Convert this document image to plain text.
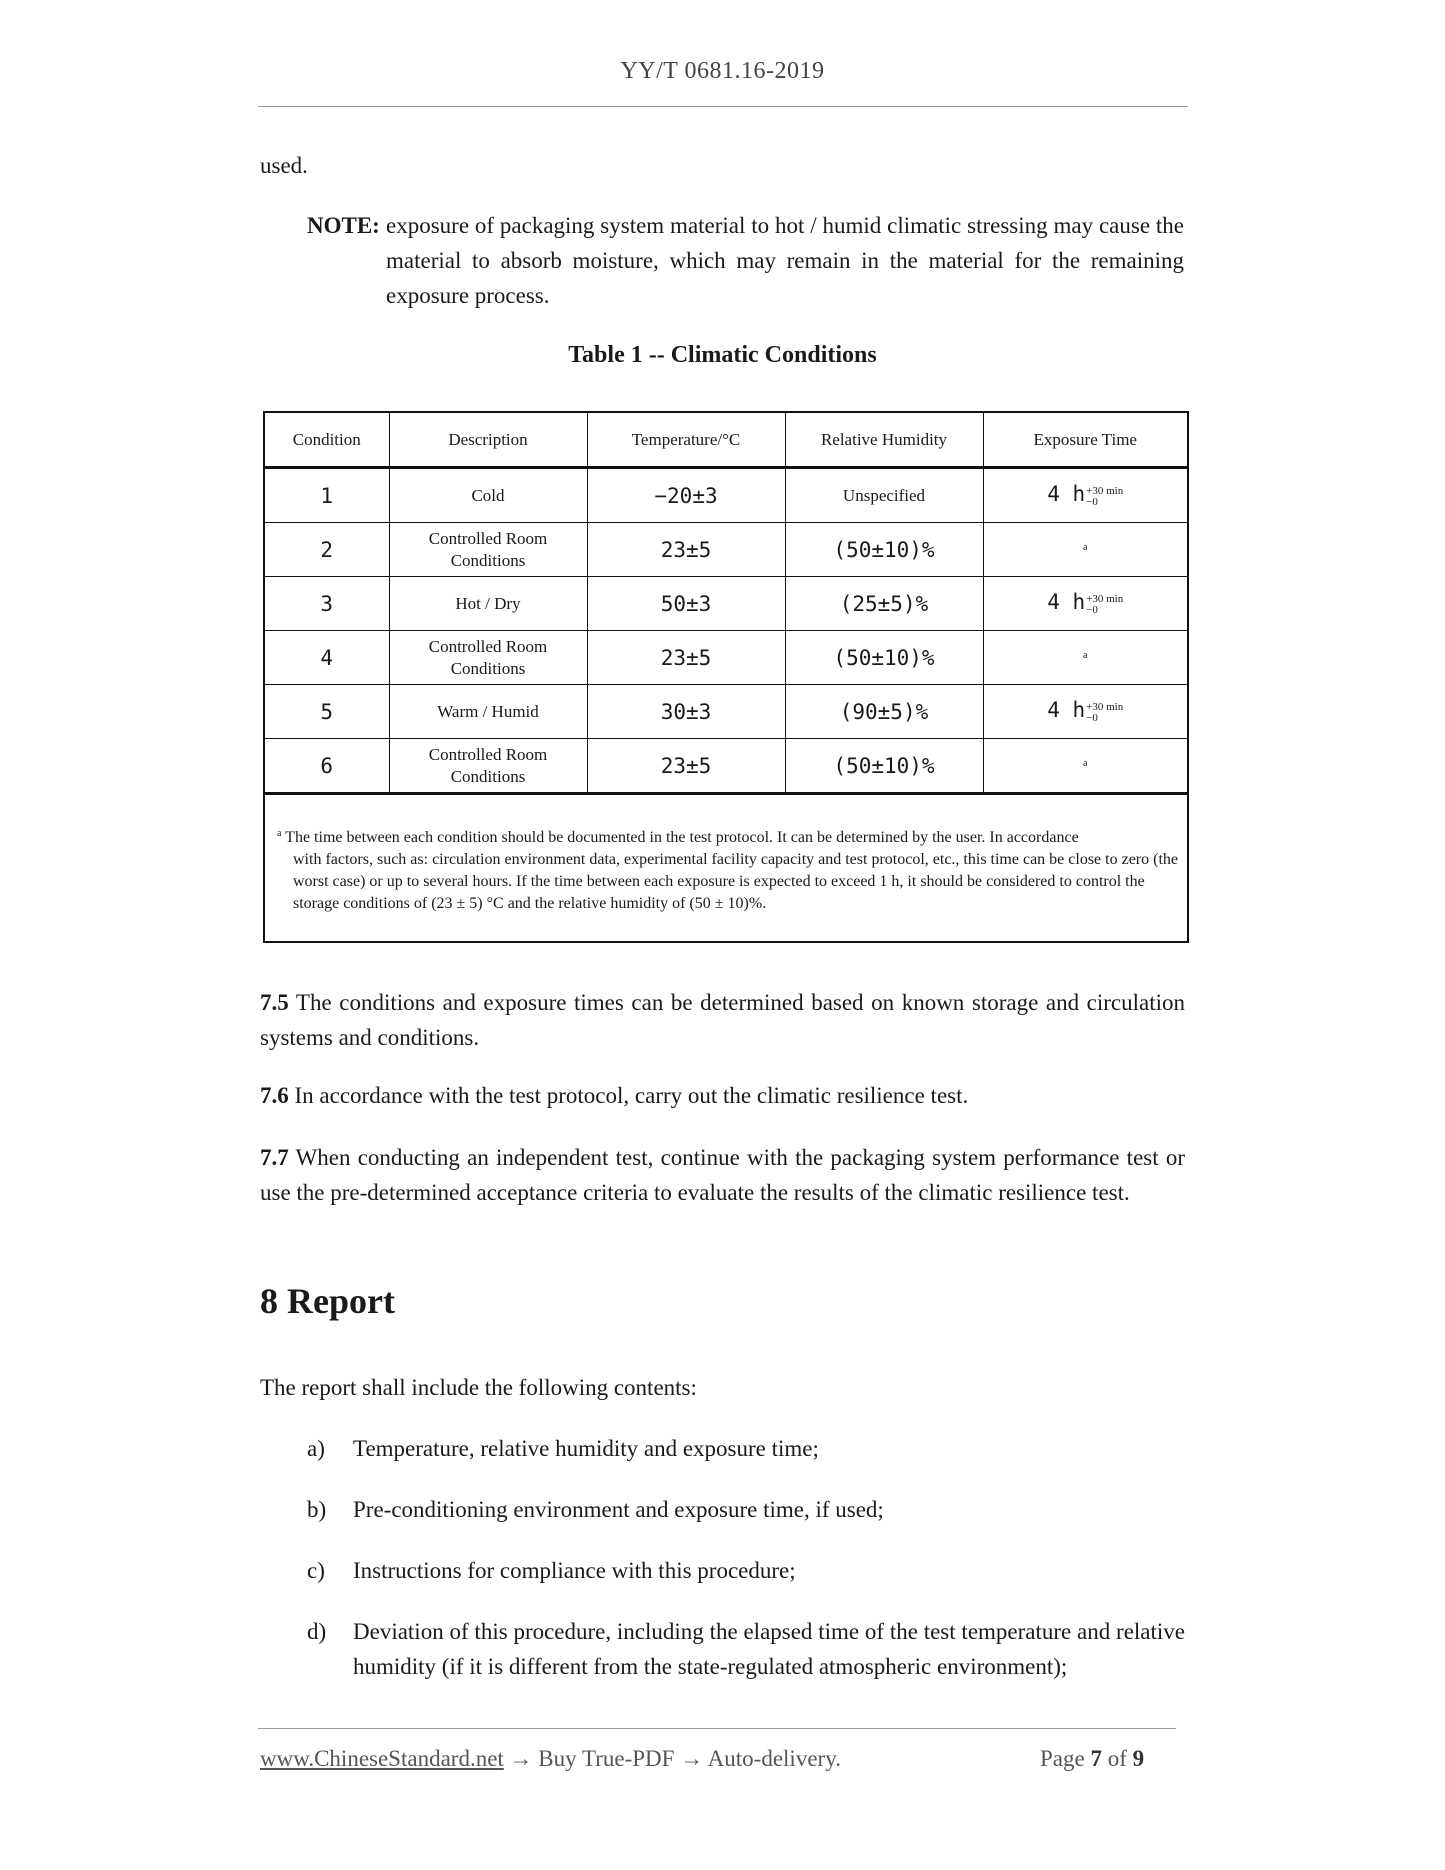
YY/T 0681.16-2019
used.
NOTE: exposure of packaging system material to hot / humid climatic stressing may cause the material to absorb moisture, which may remain in the material for the remaining exposure process.
Table 1 -- Climatic Conditions
Condition	Description	Temperature/°C	Relative Humidity	Exposure Time
1	Cold	−20±3	Unspecified	4 h +30 min
−0

2	Controlled Room Conditions	23±5	(50±10)%	$^a$
3	Hot / Dry	50±3	(25±5)%	4 h +30 min
−0

4	Controlled Room Conditions	23±5	(50±10)%	$^a$
5	Warm / Humid	30±3	(90±5)%	4 h +30 min
−0

6	Controlled Room Conditions	23±5	(50±10)%	$^a$
$^a$ The time between each condition should be documented in the test protocol. It can be determined by the user. In accordance
with factors, such as: circulation environment data, experimental facility capacity and test protocol, etc., this time can be close to zero (the worst case) or up to several hours. If the time between each exposure is expected to exceed 1 h, it should be considered to control the storage conditions of (23 ± 5) °C and the relative humidity of (50 ± 10)%.				
7.5 The conditions and exposure times can be determined based on known storage and circulation systems and conditions.
7.6 In accordance with the test protocol, carry out the climatic resilience test.
7.7 When conducting an independent test, continue with the packaging system performance test or use the pre-determined acceptance criteria to evaluate the results of the climatic resilience test.
8 Report
The report shall include the following contents:
a) Temperature, relative humidity and exposure time;
b) Pre-conditioning environment and exposure time, if used;
c) Instructions for compliance with this procedure;
d) Deviation of this procedure, including the elapsed time of the test temperature and relative humidity (if it is different from the state-regulated atmospheric environment);
www.ChineseStandard.net → Buy True-PDF → Auto-delivery.	Page 7 of 9
